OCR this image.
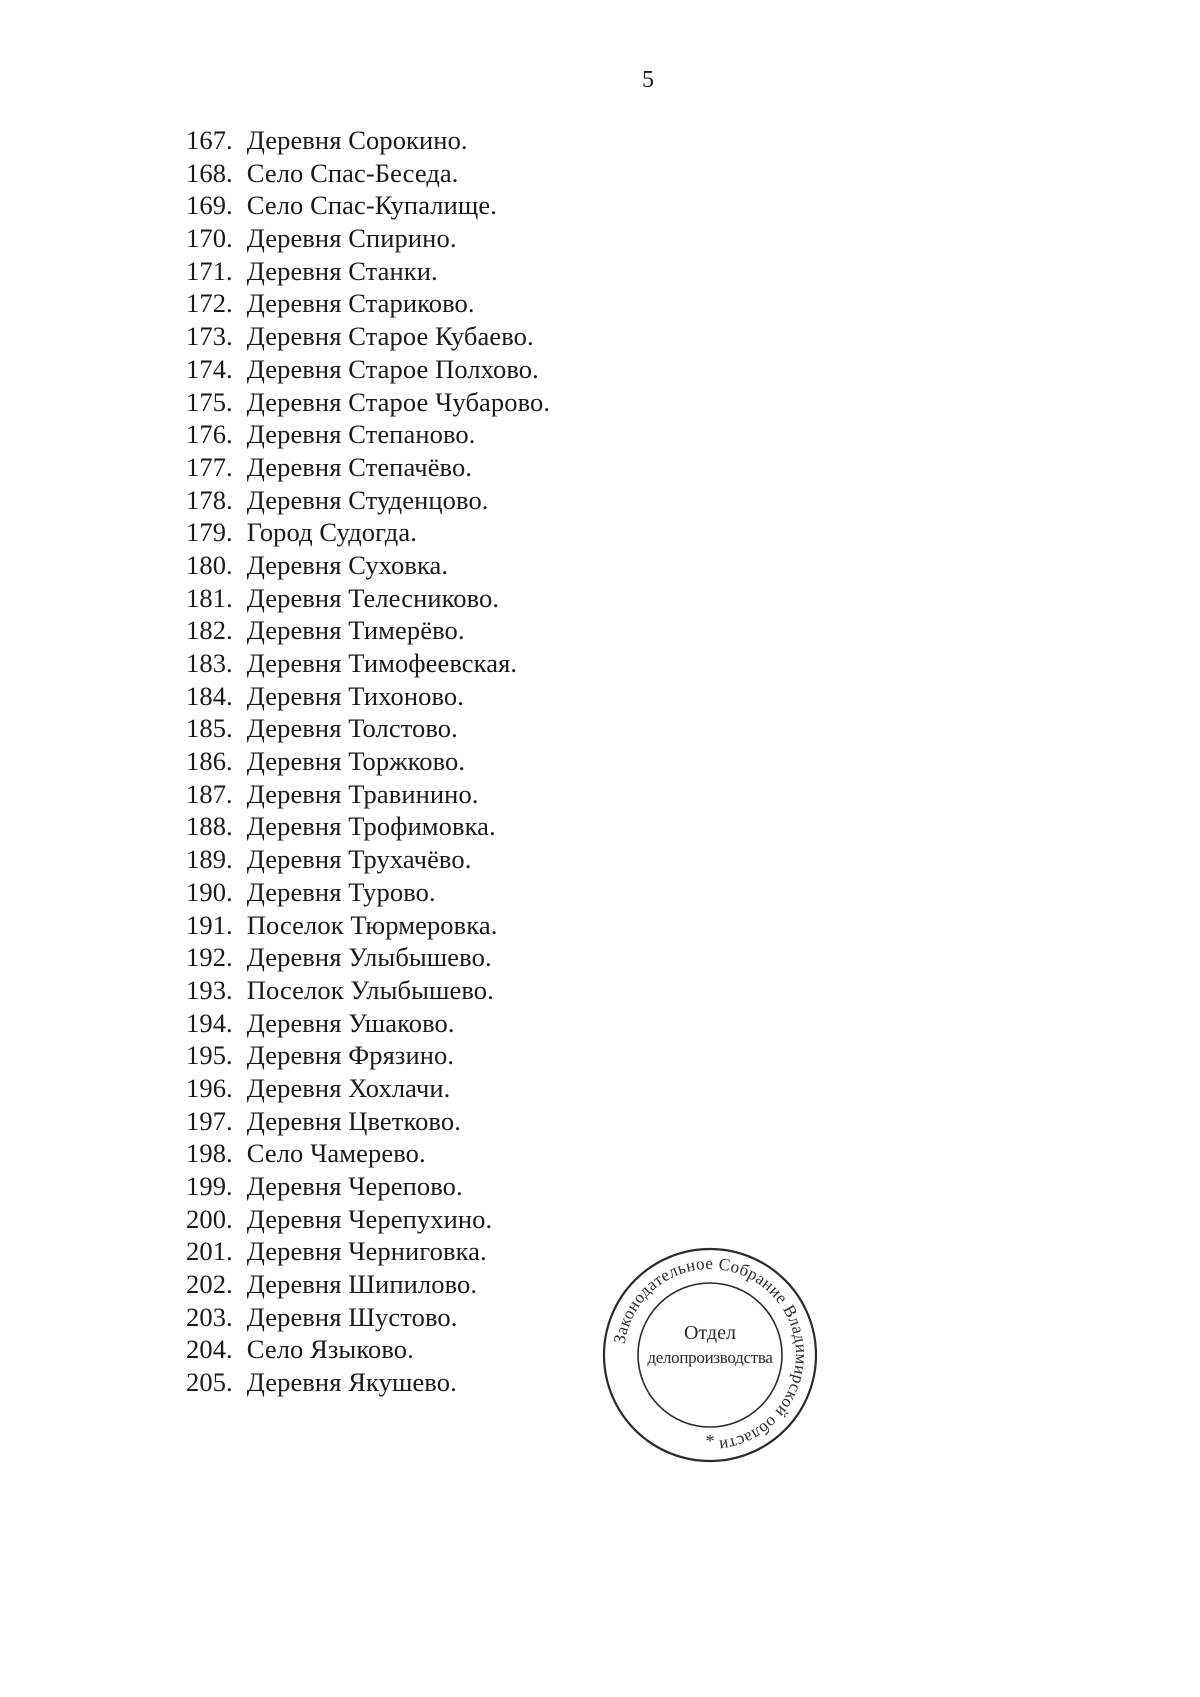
5
167. Деревня Сорокино.
168. Село Спас-Беседа.
169. Село Спас-Купалище.
170. Деревня Спирино.
171. Деревня Станки.
172. Деревня Стариково.
173. Деревня Старое Кубаево.
174. Деревня Старое Полхово.
175. Деревня Старое Чубарово.
176. Деревня Степаново.
177. Деревня Степачёво.
178. Деревня Студенцово.
179. Город Судогда.
180. Деревня Суховка.
181. Деревня Телесниково.
182. Деревня Тимерёво.
183. Деревня Тимофеевская.
184. Деревня Тихоново.
185. Деревня Толстово.
186. Деревня Торжково.
187. Деревня Травинино.
188. Деревня Трофимовка.
189. Деревня Трухачёво.
190. Деревня Турово.
191. Поселок Тюрмеровка.
192. Деревня Улыбышево.
193. Поселок Улыбышево.
194. Деревня Ушаково.
195. Деревня Фрязино.
196. Деревня Хохлачи.
197. Деревня Цветково.
198. Село Чамерево.
199. Деревня Черепово.
200. Деревня Черепухино.
201. Деревня Черниговка.
202. Деревня Шипилово.
203. Деревня Шустово.
204. Село Языково.
205. Деревня Якушево.
Законодательное Собрание Владимирской области
*
Отдел
делопроизводства
